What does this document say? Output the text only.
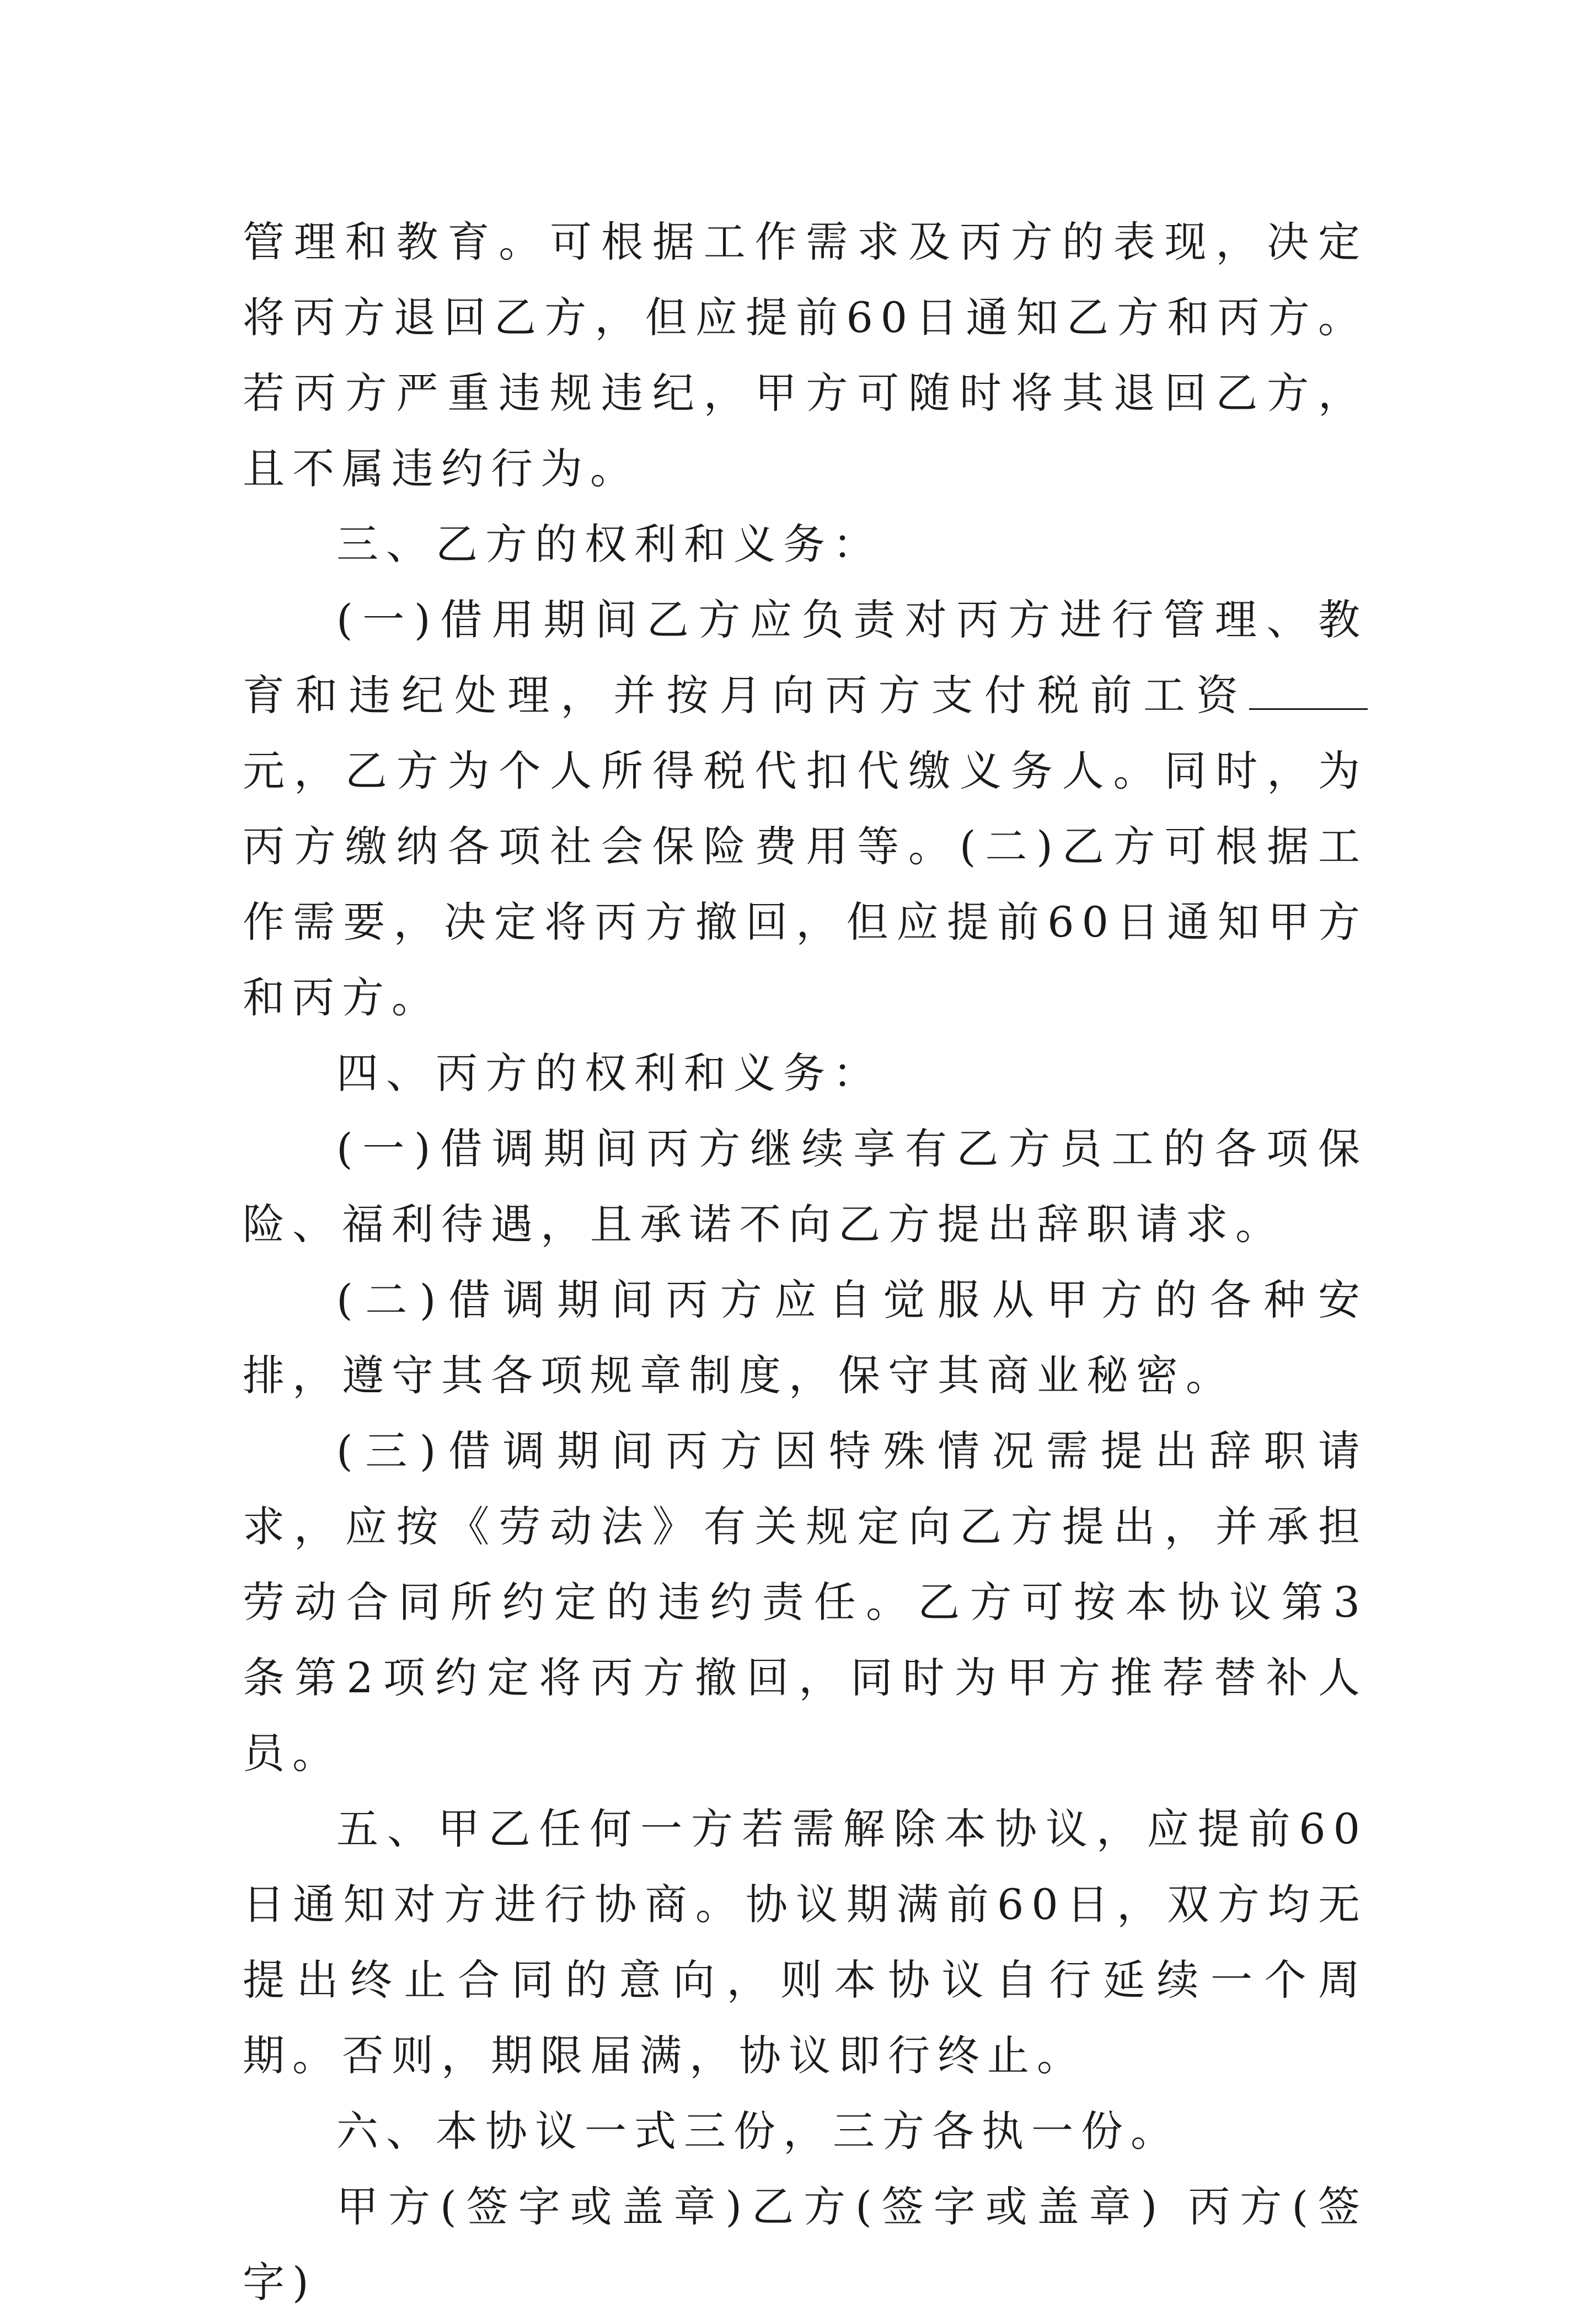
管理和教育。可根据工作需求及丙方的表现，决定将丙方退回乙方，但应提前60日通知乙方和丙方。若丙方严重违规违纪，甲方可随时将其退回乙方，且不属违约行为。

三、乙方的权利和义务：

(一)借用期间乙方应负责对丙方进行管理、教育和违纪处理，并按月向丙方支付税前工资元，乙方为个人所得税代扣代缴义务人。同时，为丙方缴纳各项社会保险费用等。(二)乙方可根据工作需要，决定将丙方撤回，但应提前60日通知甲方和丙方。

四、丙方的权利和义务：

(一)借调期间丙方继续享有乙方员工的各项保险、福利待遇，且承诺不向乙方提出辞职请求。

(二)借调期间丙方应自觉服从甲方的各种安排，遵守其各项规章制度，保守其商业秘密。

(三)借调期间丙方因特殊情况需提出辞职请求，应按《劳动法》有关规定向乙方提出，并承担劳动合同所约定的违约责任。乙方可按本协议第3条第2项约定将丙方撤回，同时为甲方推荐替补人员。

五、甲乙任何一方若需解除本协议，应提前60日通知对方进行协商。协议期满前60日，双方均无提出终止合同的意向，则本协议自行延续一个周期。否则，期限届满，协议即行终止。

六、本协议一式三份，三方各执一份。

甲方(签字或盖章)乙方(签字或盖章) 丙方(签字)
